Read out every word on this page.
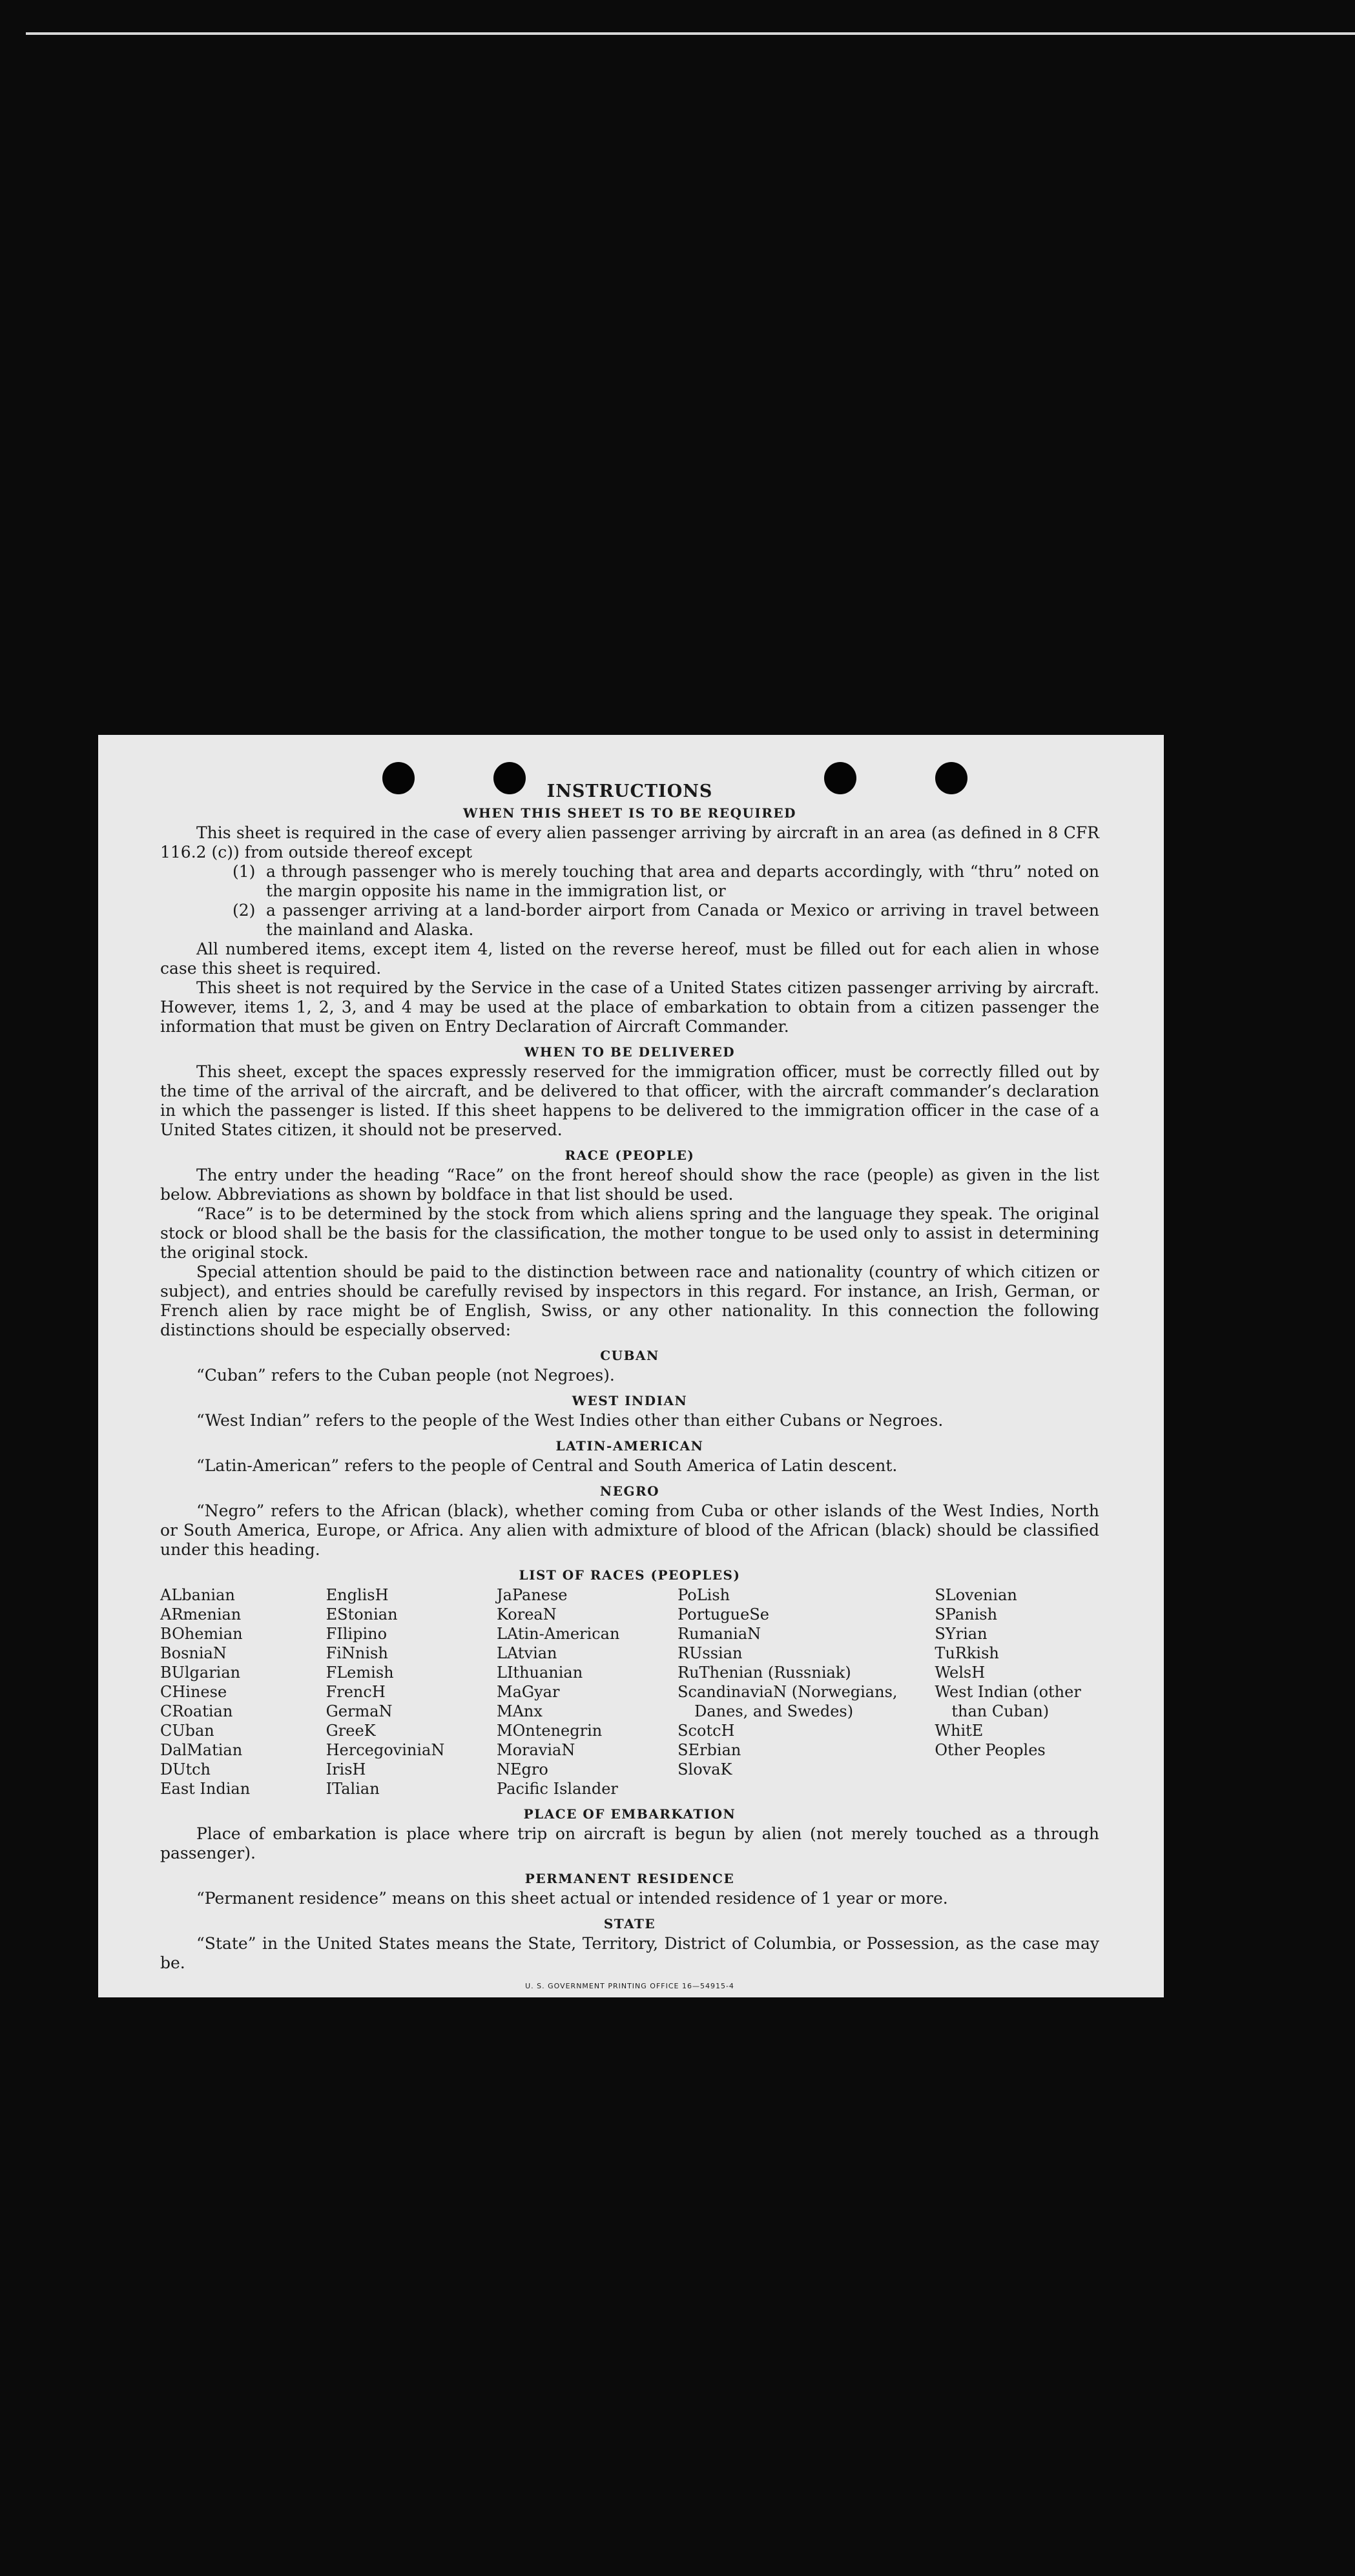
INSTRUCTIONS
WHEN THIS SHEET IS TO BE REQUIRED

This sheet is required in the case of every alien passenger arriving by aircraft in an area (as defined in 8 CFR 116.2 (c)) from outside thereof except

(1) a through passenger who is merely touching that area and departs accordingly, with “thru” noted on the margin opposite his name in the immigration list, or
(2) a passenger arriving at a land-border airport from Canada or Mexico or arriving in travel between the mainland and Alaska.

All numbered items, except item 4, listed on the reverse hereof, must be filled out for each alien in whose case this sheet is required.

This sheet is not required by the Service in the case of a United States citizen passenger arriving by aircraft. However, items 1, 2, 3, and 4 may be used at the place of embarkation to obtain from a citizen passenger the information that must be given on Entry Declaration of Aircraft Commander.

WHEN TO BE DELIVERED

This sheet, except the spaces expressly reserved for the immigration officer, must be correctly filled out by the time of the arrival of the aircraft, and be delivered to that officer, with the aircraft commander’s declaration in which the passenger is listed. If this sheet happens to be delivered to the immigration officer in the case of a United States citizen, it should not be preserved.

RACE (PEOPLE)

The entry under the heading “Race” on the front hereof should show the race (people) as given in the list below. Abbreviations as shown by boldface in that list should be used.

“Race” is to be determined by the stock from which aliens spring and the language they speak. The original stock or blood shall be the basis for the classification, the mother tongue to be used only to assist in determining the original stock.

Special attention should be paid to the distinction between race and nationality (country of which citizen or subject), and entries should be carefully revised by inspectors in this regard. For instance, an Irish, German, or French alien by race might be of English, Swiss, or any other nationality. In this connection the following distinctions should be especially observed:

CUBAN

“Cuban” refers to the Cuban people (not Negroes).

WEST INDIAN

“West Indian” refers to the people of the West Indies other than either Cubans or Negroes.

LATIN-AMERICAN

“Latin-American” refers to the people of Central and South America of Latin descent.

NEGRO

“Negro” refers to the African (black), whether coming from Cuba or other islands of the West Indies, North or South America, Europe, or Africa. Any alien with admixture of blood of the African (black) should be classified under this heading.

LIST OF RACES (PEOPLES)
ALbanian
ARmenian
BOhemian
BosniaN
BUlgarian
CHinese
CRoatian
CUban
DalMatian
DUtch
East Indian
EnglisH
EStonian
FIlipino
FiNnish
FLemish
FrencH
GermaN
GreeK
HercegoviniaN
IrisH
ITalian
JaPanese
KoreaN
LAtin-American
LAtvian
LIthuanian
MaGyar
MAnx
MOntenegrin
MoraviaN
NEgro
Pacific Islander
PoLish
PortugueSe
RumaniaN
RUssian
RuThenian (Russniak)
ScandinaviaN (Norwegians, Danes, and Swedes)
ScotcH
SErbian
SlovaK
SLovenian
SPanish
SYrian
TuRkish
WelsH
West Indian (other than Cuban)
WhitE
Other Peoples
PLACE OF EMBARKATION

Place of embarkation is place where trip on aircraft is begun by alien (not merely touched as a through passenger).

PERMANENT RESIDENCE

“Permanent residence” means on this sheet actual or intended residence of 1 year or more.

STATE

“State” in the United States means the State, Territory, District of Columbia, or Possession, as the case may be.

U. S. GOVERNMENT PRINTING OFFICE 16—54915-4
